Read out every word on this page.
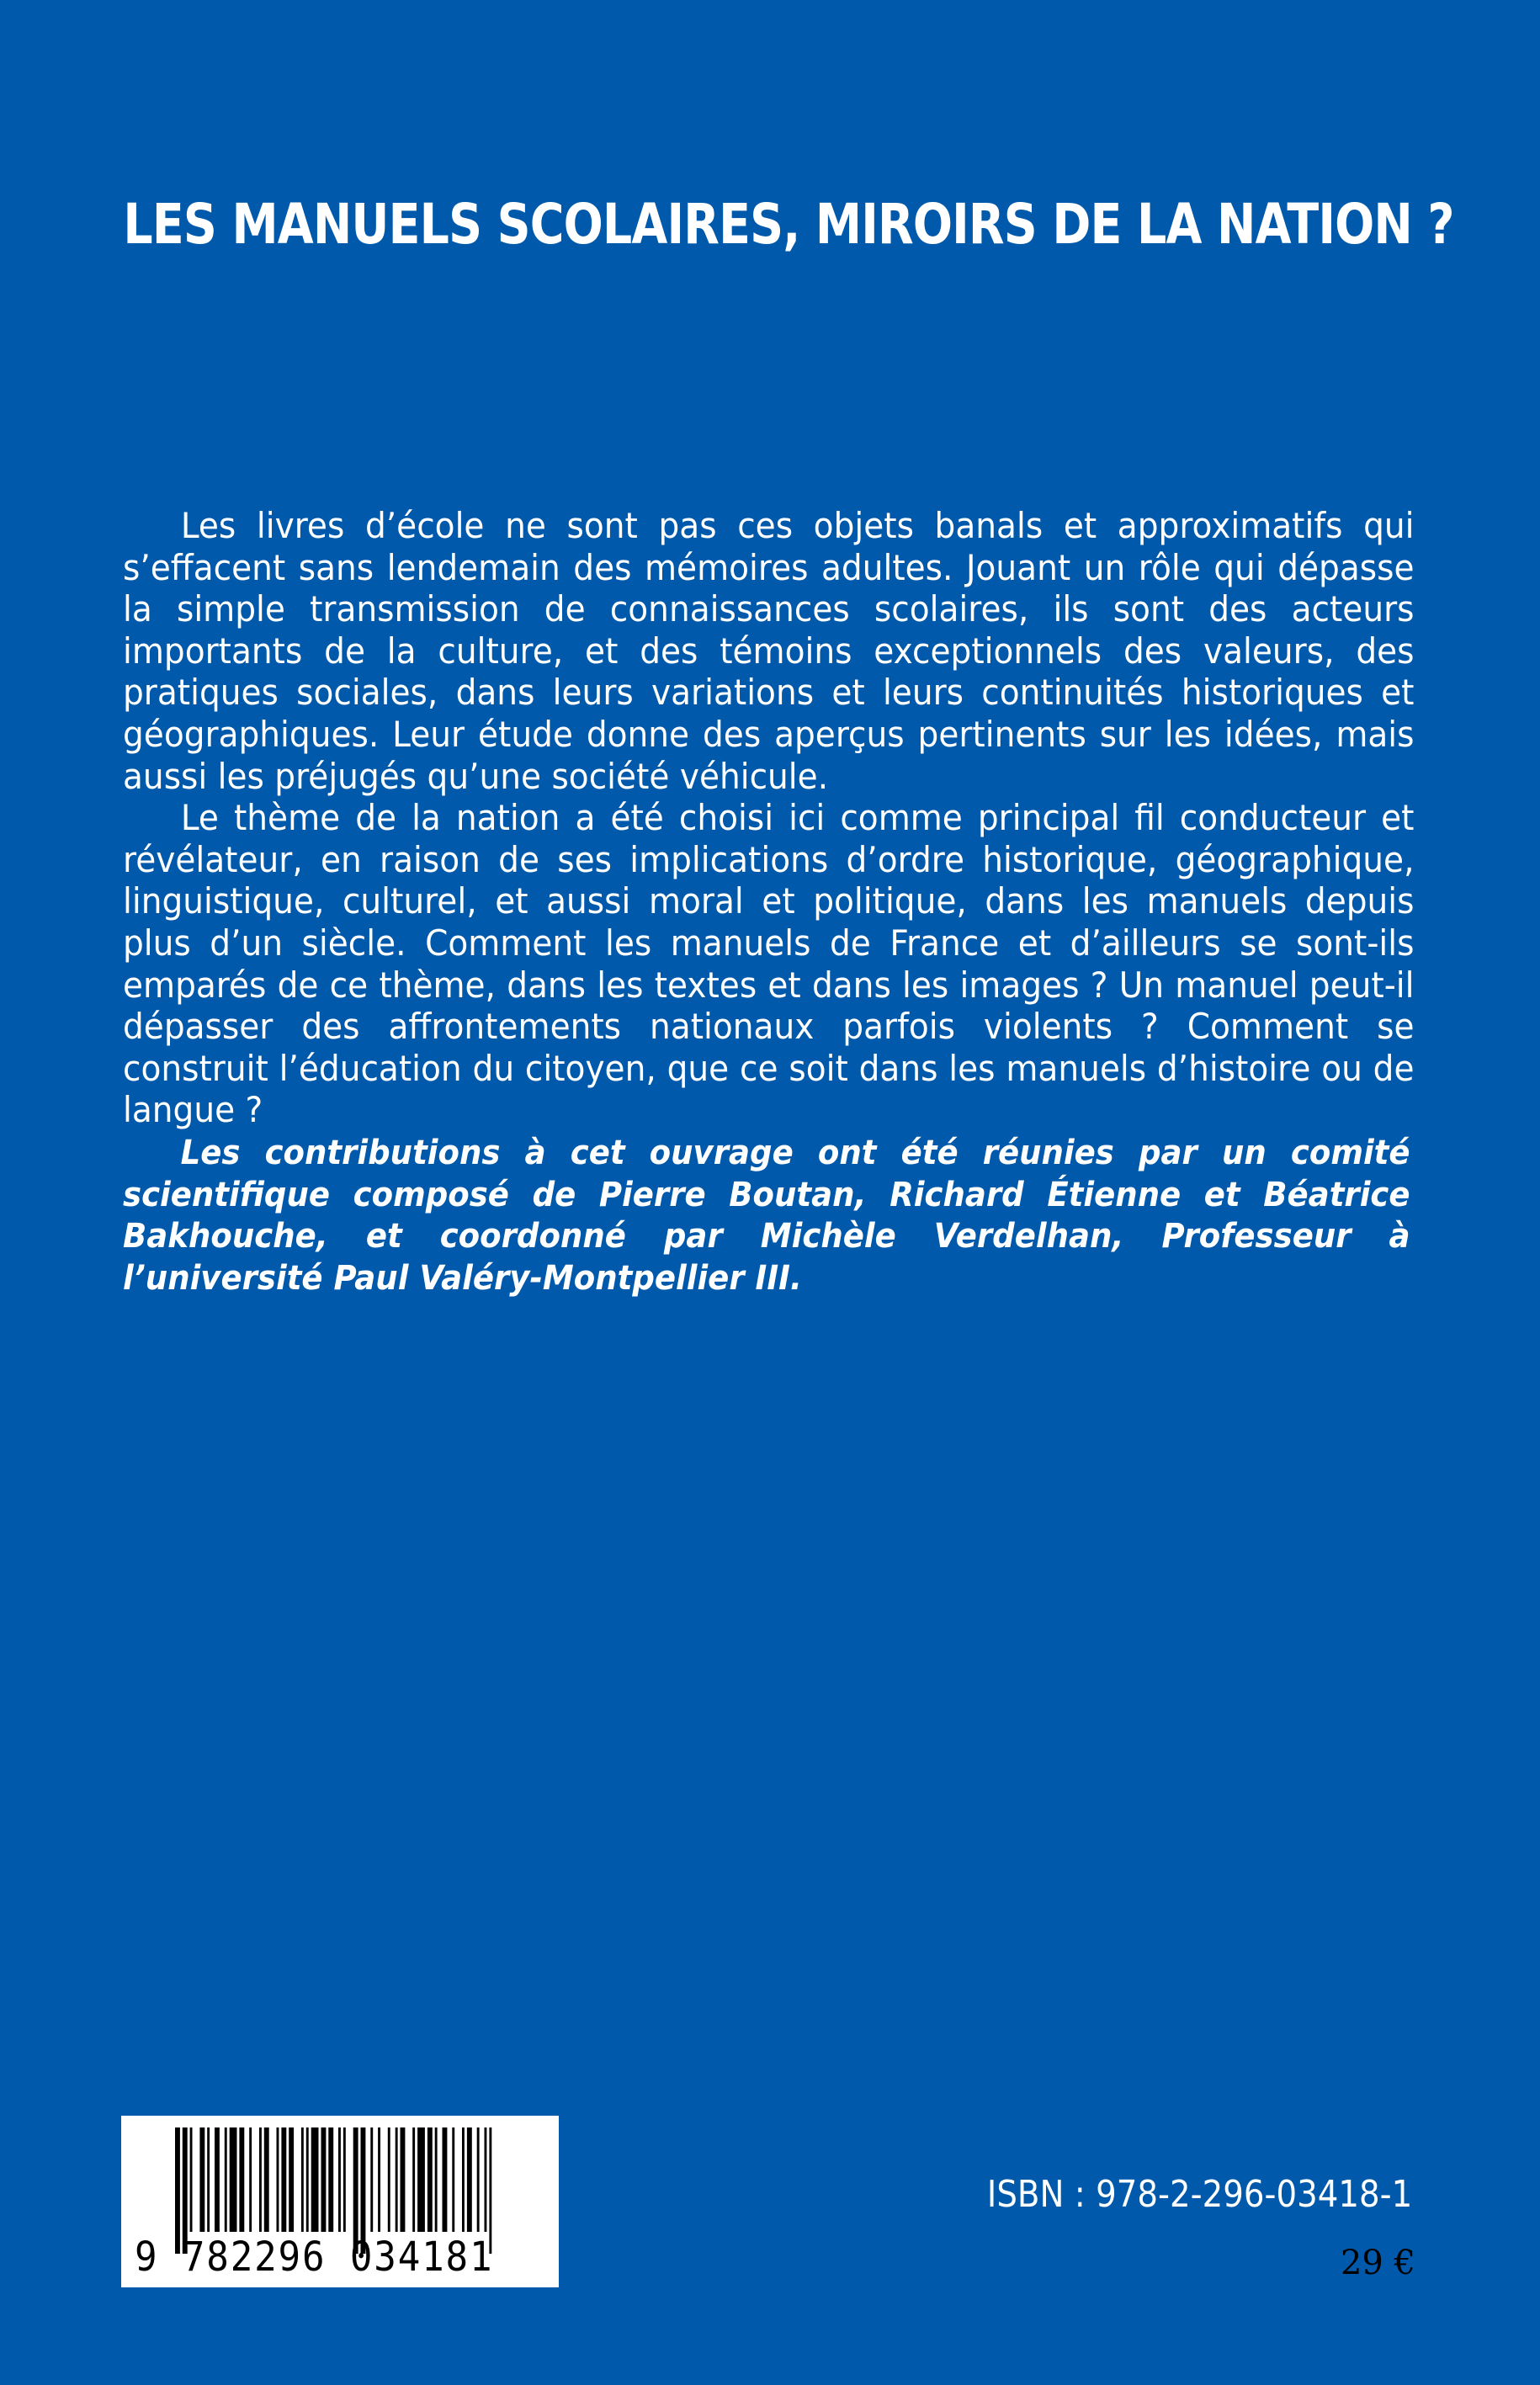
LES MANUELS SCOLAIRES, MIROIRS DE LA NATION ?

Les livres d’école ne sont pas ces objets banals et approximatifs qui s’effacent sans lendemain des mémoires adultes. Jouant un rôle qui dépasse la simple transmission de connaissances scolaires, ils sont des acteurs importants de la culture, et des témoins exceptionnels des valeurs, des pratiques sociales, dans leurs variations et leurs continuités historiques et géographiques. Leur étude donne des aperçus pertinents sur les idées, mais aussi les préjugés qu’une société véhicule.

Le thème de la nation a été choisi ici comme principal fil conducteur et révélateur, en raison de ses implications d’ordre historique, géographique, linguistique, culturel, et aussi moral et politique, dans les manuels depuis plus d’un siècle. Comment les manuels de France et d’ailleurs se sont-ils emparés de ce thème, dans les textes et dans les images ? Un manuel peut-il dépasser des affrontements nationaux parfois violents ? Comment se construit l’éducation du citoyen, que ce soit dans les manuels d’histoire ou de langue ?

Les contributions à cet ouvrage ont été réunies par un comité scientifique composé de Pierre Boutan, Richard Étienne et Béatrice Bakhouche, et coordonné par Michèle Verdelhan, Professeur à l’université Paul Valéry-Montpellier III.

9 782296 034181
ISBN : 978-2-296-03418-1
29 €
